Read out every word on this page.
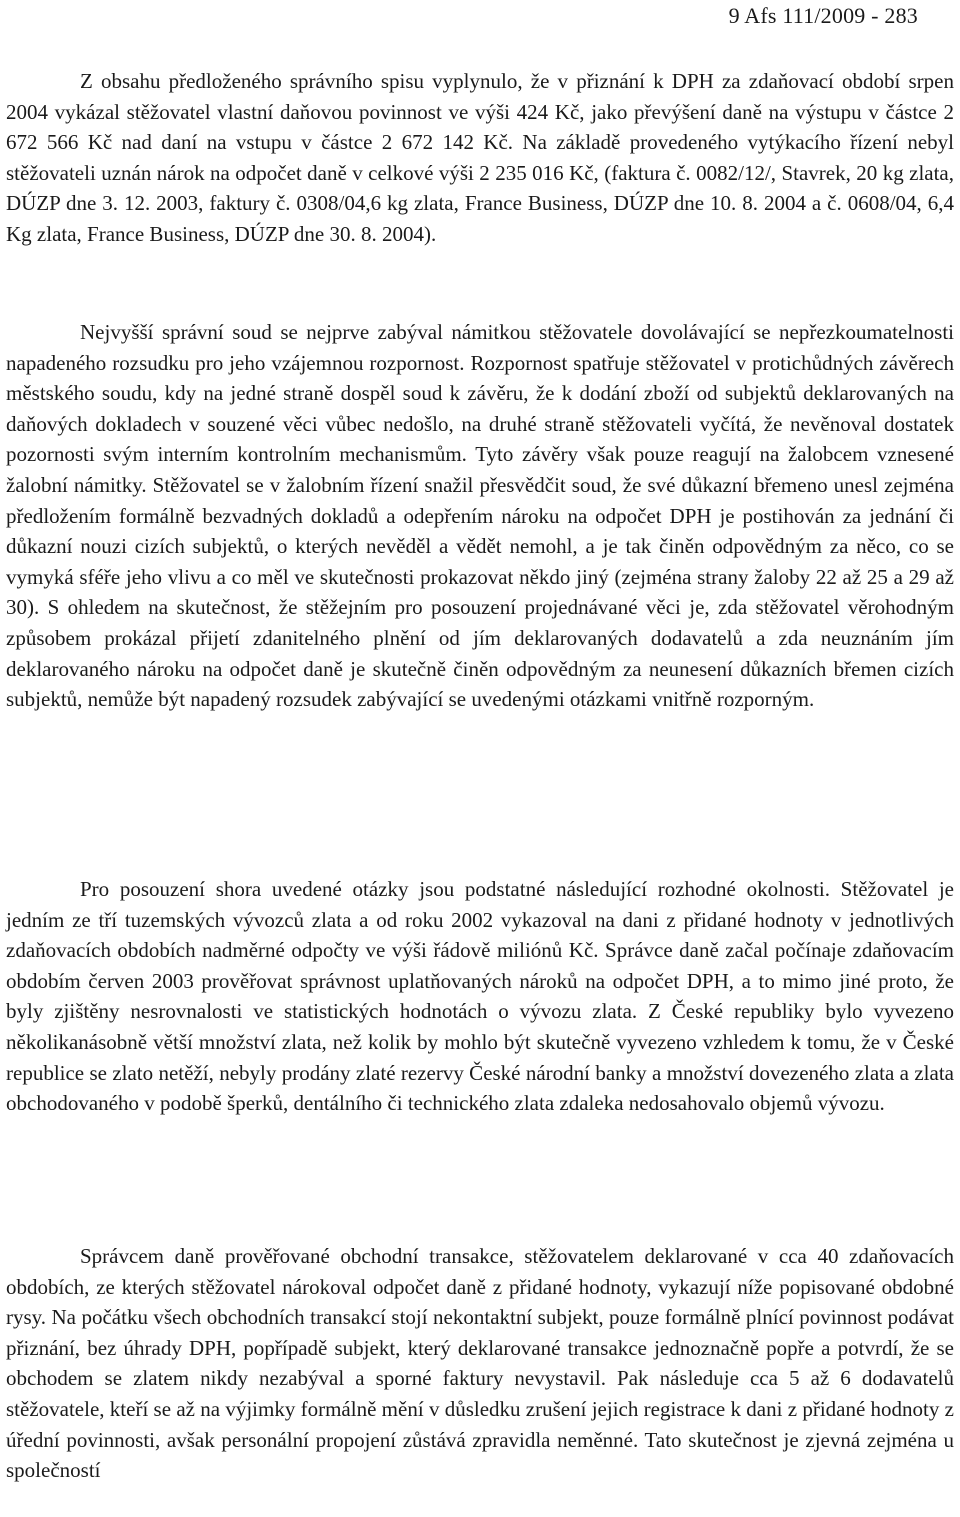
9 Afs 111/2009 - 283

Z obsahu předloženého správního spisu vyplynulo, že v přiznání k DPH za zdaňovací období srpen 2004 vykázal stěžovatel vlastní daňovou povinnost ve výši 424 Kč, jako převýšení daně na výstupu v částce 2 672 566 Kč nad daní na vstupu v částce 2 672 142 Kč. Na základě provedeného vytýkacího řízení nebyl stěžovateli uznán nárok na odpočet daně v celkové výši 2 235 016 Kč, (faktura č. 0082/12/, Stavrek, 20 kg zlata, DÚZP dne 3. 12. 2003, faktury č. 0308/04,6 kg zlata, France Business, DÚZP dne 10. 8. 2004 a č. 0608/04, 6,4 Kg zlata, France Business, DÚZP dne 30. 8. 2004).

Nejvyšší správní soud se nejprve zabýval námitkou stěžovatele dovolávající se nepřezkoumatelnosti napadeného rozsudku pro jeho vzájemnou rozpornost. Rozpornost spatřuje stěžovatel v protichůdných závěrech městského soudu, kdy na jedné straně dospěl soud k závěru, že k dodání zboží od subjektů deklarovaných na daňových dokladech v souzené věci vůbec nedošlo, na druhé straně stěžovateli vyčítá, že nevěnoval dostatek pozornosti svým interním kontrolním mechanismům. Tyto závěry však pouze reagují na žalobcem vznesené žalobní námitky. Stěžovatel se v žalobním řízení snažil přesvědčit soud, že své důkazní břemeno unesl zejména předložením formálně bezvadných dokladů a odepřením nároku na odpočet DPH je postihován za jednání či důkazní nouzi cizích subjektů, o kterých nevěděl a vědět nemohl, a je tak činěn odpovědným za něco, co se vymyká sféře jeho vlivu a co měl ve skutečnosti prokazovat někdo jiný (zejména strany žaloby 22 až 25 a 29 až 30). S ohledem na skutečnost, že stěžejním pro posouzení projednávané věci je, zda stěžovatel věrohodným způsobem prokázal přijetí zdanitelného plnění od jím deklarovaných dodavatelů a zda neuznáním jím deklarovaného nároku na odpočet daně je skutečně činěn odpovědným za neunesení důkazních břemen cizích subjektů, nemůže být napadený rozsudek zabývající se uvedenými otázkami vnitřně rozporným.

Pro posouzení shora uvedené otázky jsou podstatné následující rozhodné okolnosti. Stěžovatel je jedním ze tří tuzemských vývozců zlata a od roku 2002 vykazoval na dani z přidané hodnoty v jednotlivých zdaňovacích obdobích nadměrné odpočty ve výši řádově miliónů Kč. Správce daně začal počínaje zdaňovacím obdobím červen 2003 prověřovat správnost uplatňovaných nároků na odpočet DPH, a to mimo jiné proto, že byly zjištěny nesrovnalosti ve statistických hodnotách o vývozu zlata. Z České republiky bylo vyvezeno několikanásobně větší množství zlata, než kolik by mohlo být skutečně vyvezeno vzhledem k tomu, že v České republice se zlato netěží, nebyly prodány zlaté rezervy České národní banky a množství dovezeného zlata a zlata obchodovaného v podobě šperků, dentálního či technického zlata zdaleka nedosahovalo objemů vývozu.

Správcem daně prověřované obchodní transakce, stěžovatelem deklarované v cca 40 zdaňovacích obdobích, ze kterých stěžovatel nárokoval odpočet daně z přidané hodnoty, vykazují níže popisované obdobné rysy. Na počátku všech obchodních transakcí stojí nekontaktní subjekt, pouze formálně plnící povinnost podávat přiznání, bez úhrady DPH, popřípadě subjekt, který deklarované transakce jednoznačně popře a potvrdí, že se obchodem se zlatem nikdy nezabýval a sporné faktury nevystavil. Pak následuje cca 5 až 6 dodavatelů stěžovatele, kteří se až na výjimky formálně mění v důsledku zrušení jejich registrace k dani z přidané hodnoty z úřední povinnosti, avšak personální propojení zůstává zpravidla neměnné. Tato skutečnost je zjevná zejména u společností
